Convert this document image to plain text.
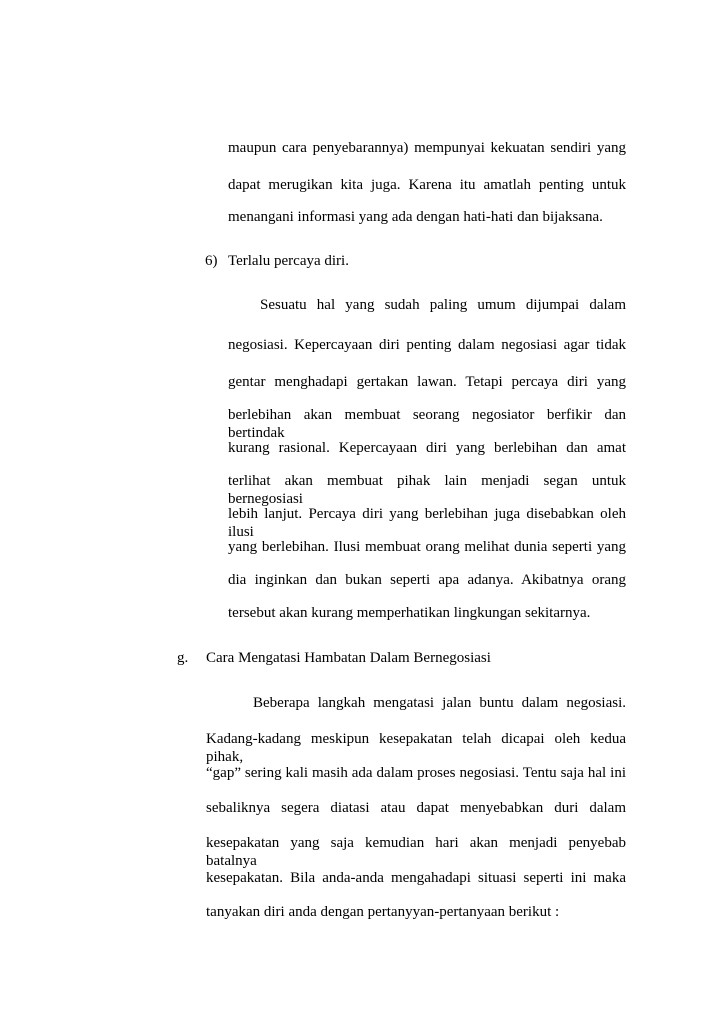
maupun cara penyebarannya) mempunyai kekuatan sendiri yang
dapat merugikan kita juga. Karena itu amatlah penting untuk
menangani informasi yang ada dengan hati-hati dan bijaksana.
6) Terlalu percaya diri.
Sesuatu hal yang sudah paling umum dijumpai dalam
negosiasi. Kepercayaan diri penting dalam negosiasi agar tidak
gentar menghadapi gertakan lawan. Tetapi percaya diri yang
berlebihan akan membuat seorang negosiator berfikir dan bertindak
kurang rasional. Kepercayaan diri yang berlebihan dan amat
terlihat akan membuat pihak lain menjadi segan untuk bernegosiasi
lebih lanjut. Percaya diri yang berlebihan juga disebabkan oleh ilusi
yang berlebihan. Ilusi membuat orang melihat dunia seperti yang
dia inginkan dan bukan seperti apa adanya. Akibatnya orang
tersebut akan kurang memperhatikan lingkungan sekitarnya.
g. Cara Mengatasi Hambatan Dalam Bernegosiasi
Beberapa langkah mengatasi jalan buntu dalam negosiasi.
Kadang-kadang meskipun kesepakatan telah dicapai oleh kedua pihak,
“gap” sering kali masih ada dalam proses negosiasi. Tentu saja hal ini
sebaliknya segera diatasi atau dapat menyebabkan duri dalam
kesepakatan yang saja kemudian hari akan menjadi penyebab batalnya
kesepakatan. Bila anda-anda mengahadapi situasi seperti ini maka
tanyakan diri anda dengan pertanyyan-pertanyaan berikut :
